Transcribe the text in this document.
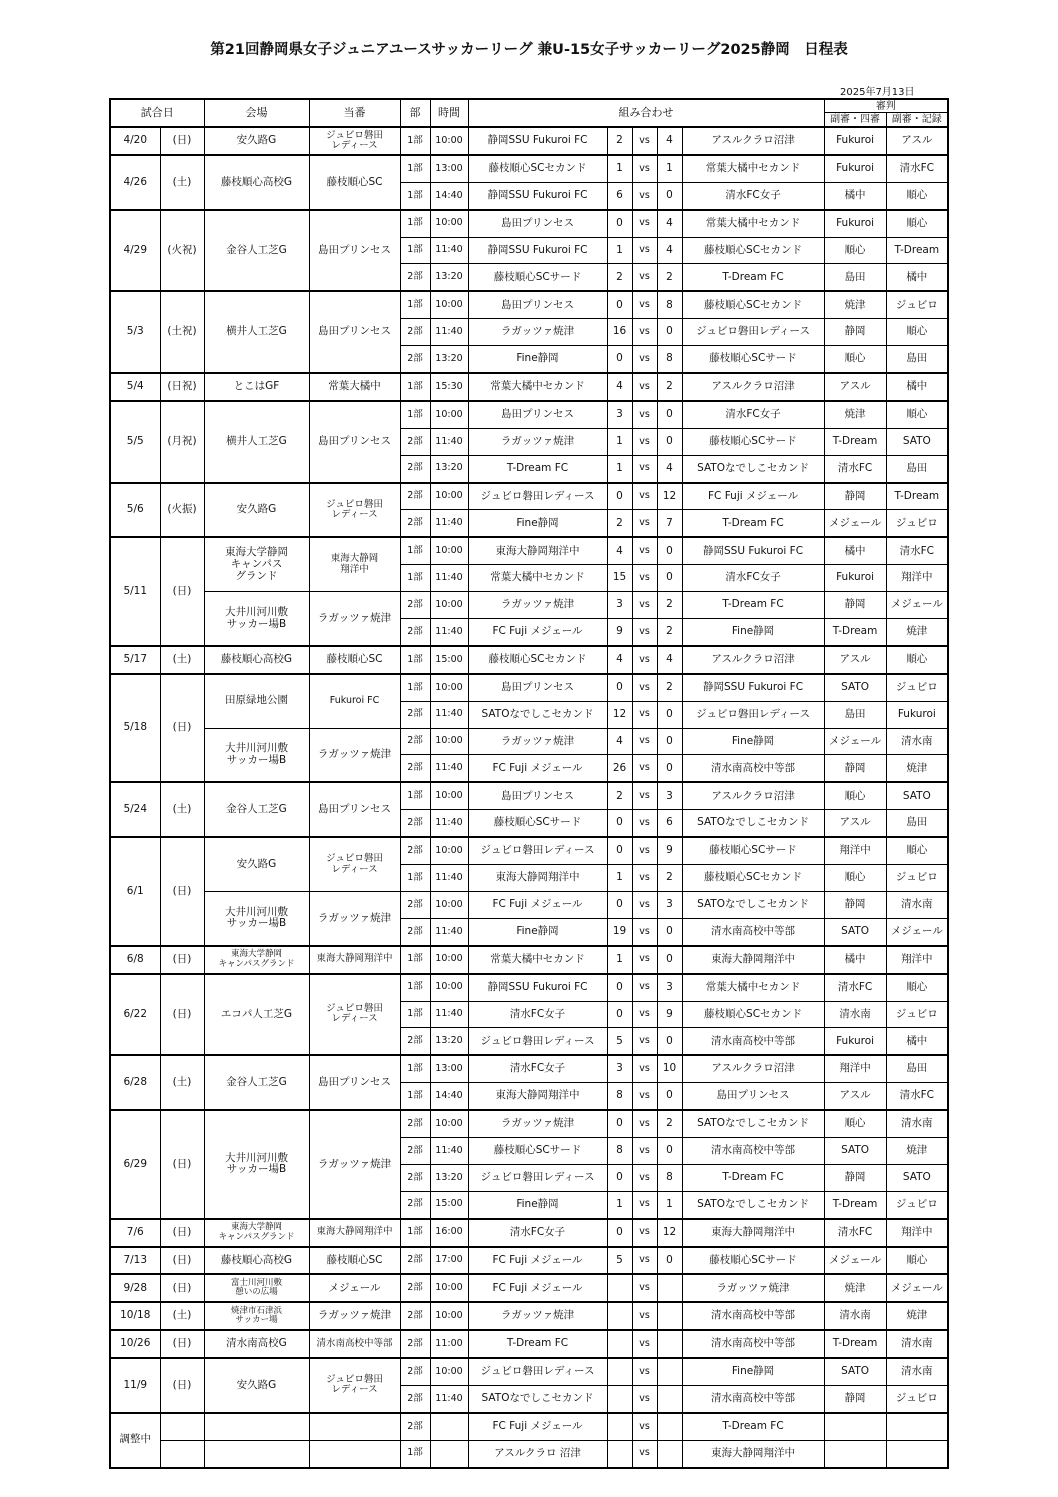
第21回静岡県女子ジュニアユースサッカーリーグ 兼U-15女子サッカーリーグ2025静岡　日程表
2025年7月13日
試合日		会場	当番	部	時間	組み合わせ					審判	
											副審・四審	副審・記録
4/20	(日)	安久路G	ジュビロ磐田
レディース	1部	10:00	静岡SSU Fukuroi FC	2	vs	4	アスルクラロ沼津	Fukuroi	アスル
4/26	(土)	藤枝順心高校G	藤枝順心SC	1部	13:00	藤枝順心SCセカンド	1	vs	1	常葉大橘中セカンド	Fukuroi	清水FC
				1部	14:40	静岡SSU Fukuroi FC	6	vs	0	清水FC女子	橘中	順心
4/29	(火祝)	金谷人工芝G	島田プリンセス	1部	10:00	島田プリンセス	0	vs	4	常葉大橘中セカンド	Fukuroi	順心
				1部	11:40	静岡SSU Fukuroi FC	1	vs	4	藤枝順心SCセカンド	順心	T-Dream
				2部	13:20	藤枝順心SCサード	2	vs	2	T-Dream FC	島田	橘中
5/3	(土祝)	横井人工芝G	島田プリンセス	1部	10:00	島田プリンセス	0	vs	8	藤枝順心SCセカンド	焼津	ジュビロ
				2部	11:40	ラガッツァ焼津	16	vs	0	ジュビロ磐田レディース	静岡	順心
				2部	13:20	Fine静岡	0	vs	8	藤枝順心SCサード	順心	島田
5/4	(日祝)	とこはGF	常葉大橘中	1部	15:30	常葉大橘中セカンド	4	vs	2	アスルクラロ沼津	アスル	橘中
5/5	(月祝)	横井人工芝G	島田プリンセス	1部	10:00	島田プリンセス	3	vs	0	清水FC女子	焼津	順心
				2部	11:40	ラガッツァ焼津	1	vs	0	藤枝順心SCサード	T-Dream	SATO
				2部	13:20	T-Dream FC	1	vs	4	SATOなでしこセカンド	清水FC	島田
5/6	(火振)	安久路G	ジュビロ磐田
レディース	2部	10:00	ジュビロ磐田レディース	0	vs	12	FC Fuji メジェール	静岡	T-Dream
				2部	11:40	Fine静岡	2	vs	7	T-Dream FC	メジェール	ジュビロ
5/11	(日)	東海大学静岡
キャンパス
グランド	東海大静岡
翔洋中	1部	10:00	東海大静岡翔洋中	4	vs	0	静岡SSU Fukuroi FC	橘中	清水FC
				1部	11:40	常葉大橘中セカンド	15	vs	0	清水FC女子	Fukuroi	翔洋中
		大井川河川敷
サッカー場B	ラガッツァ焼津	2部	10:00	ラガッツァ焼津	3	vs	2	T-Dream FC	静岡	メジェール
				2部	11:40	FC Fuji メジェール	9	vs	2	Fine静岡	T-Dream	焼津
5/17	(土)	藤枝順心高校G	藤枝順心SC	1部	15:00	藤枝順心SCセカンド	4	vs	4	アスルクラロ沼津	アスル	順心
5/18	(日)	田原緑地公園	Fukuroi FC	1部	10:00	島田プリンセス	0	vs	2	静岡SSU Fukuroi FC	SATO	ジュビロ
				2部	11:40	SATOなでしこセカンド	12	vs	0	ジュビロ磐田レディース	島田	Fukuroi
		大井川河川敷
サッカー場B	ラガッツァ焼津	2部	10:00	ラガッツァ焼津	4	vs	0	Fine静岡	メジェール	清水南
				2部	11:40	FC Fuji メジェール	26	vs	0	清水南高校中等部	静岡	焼津
5/24	(土)	金谷人工芝G	島田プリンセス	1部	10:00	島田プリンセス	2	vs	3	アスルクラロ沼津	順心	SATO
				2部	11:40	藤枝順心SCサード	0	vs	6	SATOなでしこセカンド	アスル	島田
6/1	(日)	安久路G	ジュビロ磐田
レディース	2部	10:00	ジュビロ磐田レディース	0	vs	9	藤枝順心SCサード	翔洋中	順心
				1部	11:40	東海大静岡翔洋中	1	vs	2	藤枝順心SCセカンド	順心	ジュビロ
		大井川河川敷
サッカー場B	ラガッツァ焼津	2部	10:00	FC Fuji メジェール	0	vs	3	SATOなでしこセカンド	静岡	清水南
				2部	11:40	Fine静岡	19	vs	0	清水南高校中等部	SATO	メジェール
6/8	(日)	東海大学静岡
キャンパスグランド	東海大静岡翔洋中	1部	10:00	常葉大橘中セカンド	1	vs	0	東海大静岡翔洋中	橘中	翔洋中
6/22	(日)	エコパ人工芝G	ジュビロ磐田
レディース	1部	10:00	静岡SSU Fukuroi FC	0	vs	3	常葉大橘中セカンド	清水FC	順心
				1部	11:40	清水FC女子	0	vs	9	藤枝順心SCセカンド	清水南	ジュビロ
				2部	13:20	ジュビロ磐田レディース	5	vs	0	清水南高校中等部	Fukuroi	橘中
6/28	(土)	金谷人工芝G	島田プリンセス	1部	13:00	清水FC女子	3	vs	10	アスルクラロ沼津	翔洋中	島田
				1部	14:40	東海大静岡翔洋中	8	vs	0	島田プリンセス	アスル	清水FC
6/29	(日)	大井川河川敷
サッカー場B	ラガッツァ焼津	2部	10:00	ラガッツァ焼津	0	vs	2	SATOなでしこセカンド	順心	清水南
				2部	11:40	藤枝順心SCサード	8	vs	0	清水南高校中等部	SATO	焼津
				2部	13:20	ジュビロ磐田レディース	0	vs	8	T-Dream FC	静岡	SATO
				2部	15:00	Fine静岡	1	vs	1	SATOなでしこセカンド	T-Dream	ジュビロ
7/6	(日)	東海大学静岡
キャンパスグランド	東海大静岡翔洋中	1部	16:00	清水FC女子	0	vs	12	東海大静岡翔洋中	清水FC	翔洋中
7/13	(日)	藤枝順心高校G	藤枝順心SC	2部	17:00	FC Fuji メジェール	5	vs	0	藤枝順心SCサード	メジェール	順心
9/28	(日)	富士川河川敷
憩いの広場	メジェール	2部	10:00	FC Fuji メジェール		vs		ラガッツァ焼津	焼津	メジェール
10/18	(土)	焼津市石津浜
サッカー場	ラガッツァ焼津	2部	10:00	ラガッツァ焼津		vs		清水南高校中等部	清水南	焼津
10/26	(日)	清水南高校G	清水南高校中等部	2部	11:00	T-Dream FC		vs		清水南高校中等部	T-Dream	清水南
11/9	(日)	安久路G	ジュビロ磐田
レディース	2部	10:00	ジュビロ磐田レディース		vs		Fine静岡	SATO	清水南
				2部	11:40	SATOなでしこセカンド		vs		清水南高校中等部	静岡	ジュビロ
調整中				2部		FC Fuji メジェール		vs		T-Dream FC		
				1部		アスルクラロ 沼津		vs		東海大静岡翔洋中		
